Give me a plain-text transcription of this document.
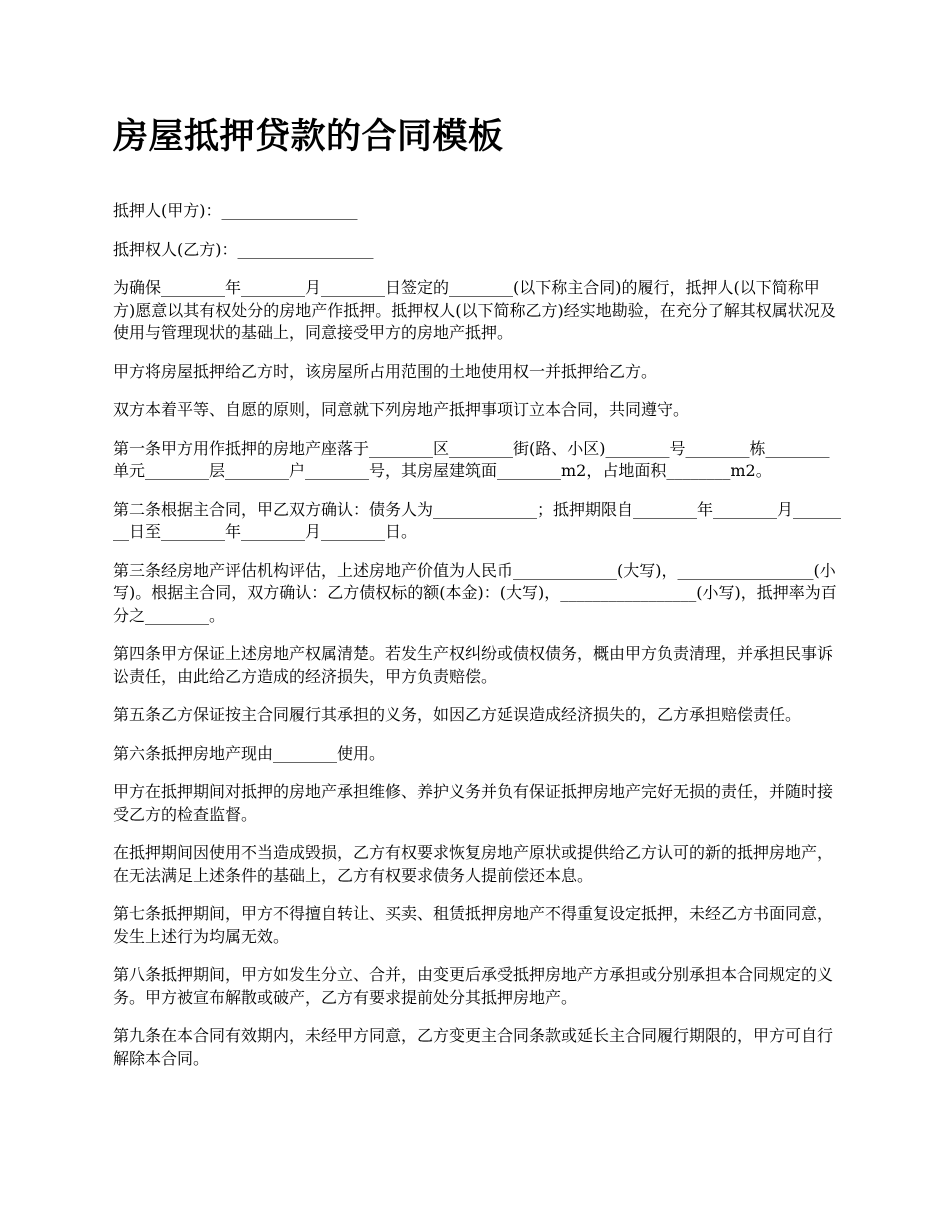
房屋抵押贷款的合同模板

抵押人(甲方)：_________________

抵押权人(乙方)：_________________

为确保________年________月________日签定的________(以下称主合同)的履行，抵押人(以下简称甲方)愿意以其有权处分的房地产作抵押。抵押权人(以下简称乙方)经实地勘验，在充分了解其权属状况及使用与管理现状的基础上，同意接受甲方的房地产抵押。

甲方将房屋抵押给乙方时，该房屋所占用范围的土地使用权一并抵押给乙方。

双方本着平等、自愿的原则，同意就下列房地产抵押事项订立本合同，共同遵守。

第一条甲方用作抵押的房地产座落于________区________街(路、小区)________号________栋________单元________层________户________号，其房屋建筑面________m2，占地面积________m2。

第二条根据主合同，甲乙双方确认：债务人为_____________；抵押期限自________年________月________日至________年________月________日。

第三条经房地产评估机构评估，上述房地产价值为人民币_____________(大写)，_________________(小写)。根据主合同，双方确认：乙方债权标的额(本金)：(大写)，_________________(小写)，抵押率为百分之________。

第四条甲方保证上述房地产权属清楚。若发生产权纠纷或债权债务，概由甲方负责清理，并承担民事诉讼责任，由此给乙方造成的经济损失，甲方负责赔偿。

第五条乙方保证按主合同履行其承担的义务，如因乙方延误造成经济损失的，乙方承担赔偿责任。

第六条抵押房地产现由________使用。

甲方在抵押期间对抵押的房地产承担维修、养护义务并负有保证抵押房地产完好无损的责任，并随时接受乙方的检查监督。

在抵押期间因使用不当造成毁损，乙方有权要求恢复房地产原状或提供给乙方认可的新的抵押房地产，在无法满足上述条件的基础上，乙方有权要求债务人提前偿还本息。

第七条抵押期间，甲方不得擅自转让、买卖、租赁抵押房地产不得重复设定抵押，未经乙方书面同意，发生上述行为均属无效。

第八条抵押期间，甲方如发生分立、合并，由变更后承受抵押房地产方承担或分别承担本合同规定的义务。甲方被宣布解散或破产，乙方有要求提前处分其抵押房地产。

第九条在本合同有效期内，未经甲方同意，乙方变更主合同条款或延长主合同履行期限的，甲方可自行解除本合同。
